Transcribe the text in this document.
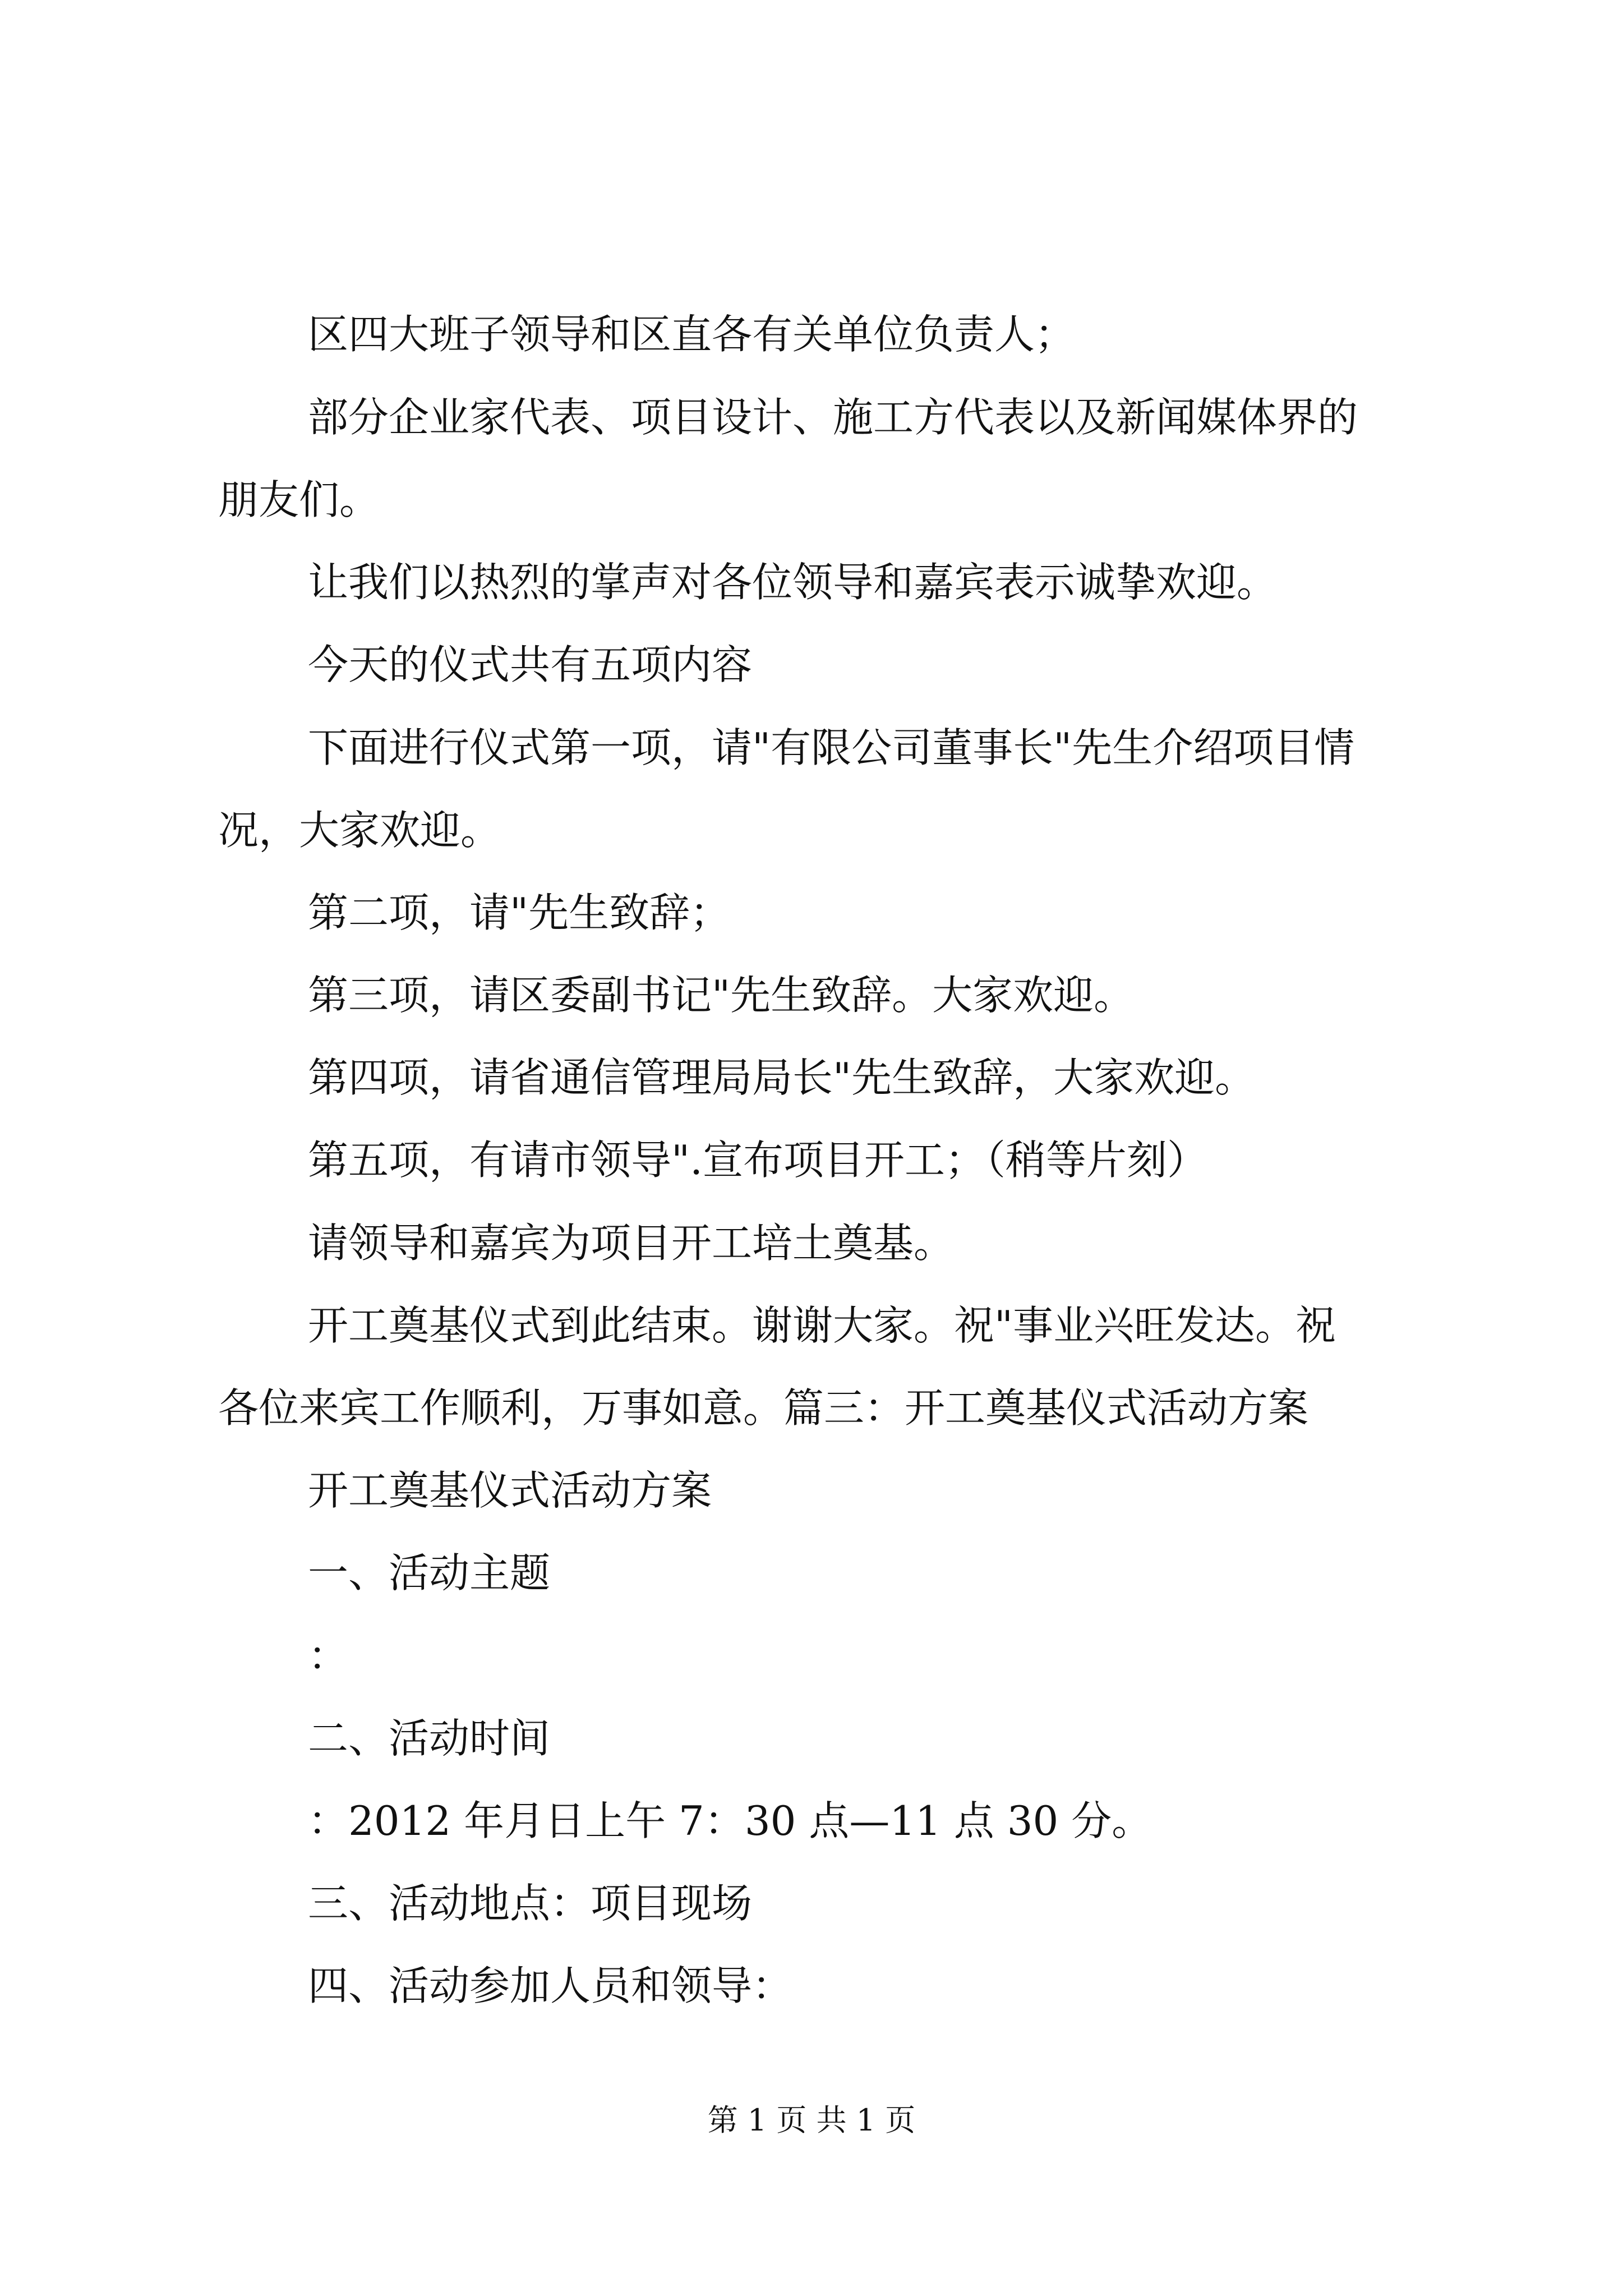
区四大班子领导和区直各有关单位负责人；
部分企业家代表、项目设计、施工方代表以及新闻媒体界的
朋友们。
让我们以热烈的掌声对各位领导和嘉宾表示诚挚欢迎。
今天的仪式共有五项内容
下面进行仪式第一项，请"有限公司董事长"先生介绍项目情
况，大家欢迎。
第二项，请"先生致辞；
第三项，请区委副书记"先生致辞。大家欢迎。
第四项，请省通信管理局局长"先生致辞，大家欢迎。
第五项，有请市领导".宣布项目开工；（稍等片刻）
请领导和嘉宾为项目开工培土奠基。
开工奠基仪式到此结束。谢谢大家。祝"事业兴旺发达。祝
各位来宾工作顺利，万事如意。篇三：开工奠基仪式活动方案
开工奠基仪式活动方案
一、活动主题
：
二、活动时间
：2012 年月日上午 7：30 点—11 点 30 分。
三、活动地点：项目现场
四、活动参加人员和领导：
第 1 页 共 1 页
